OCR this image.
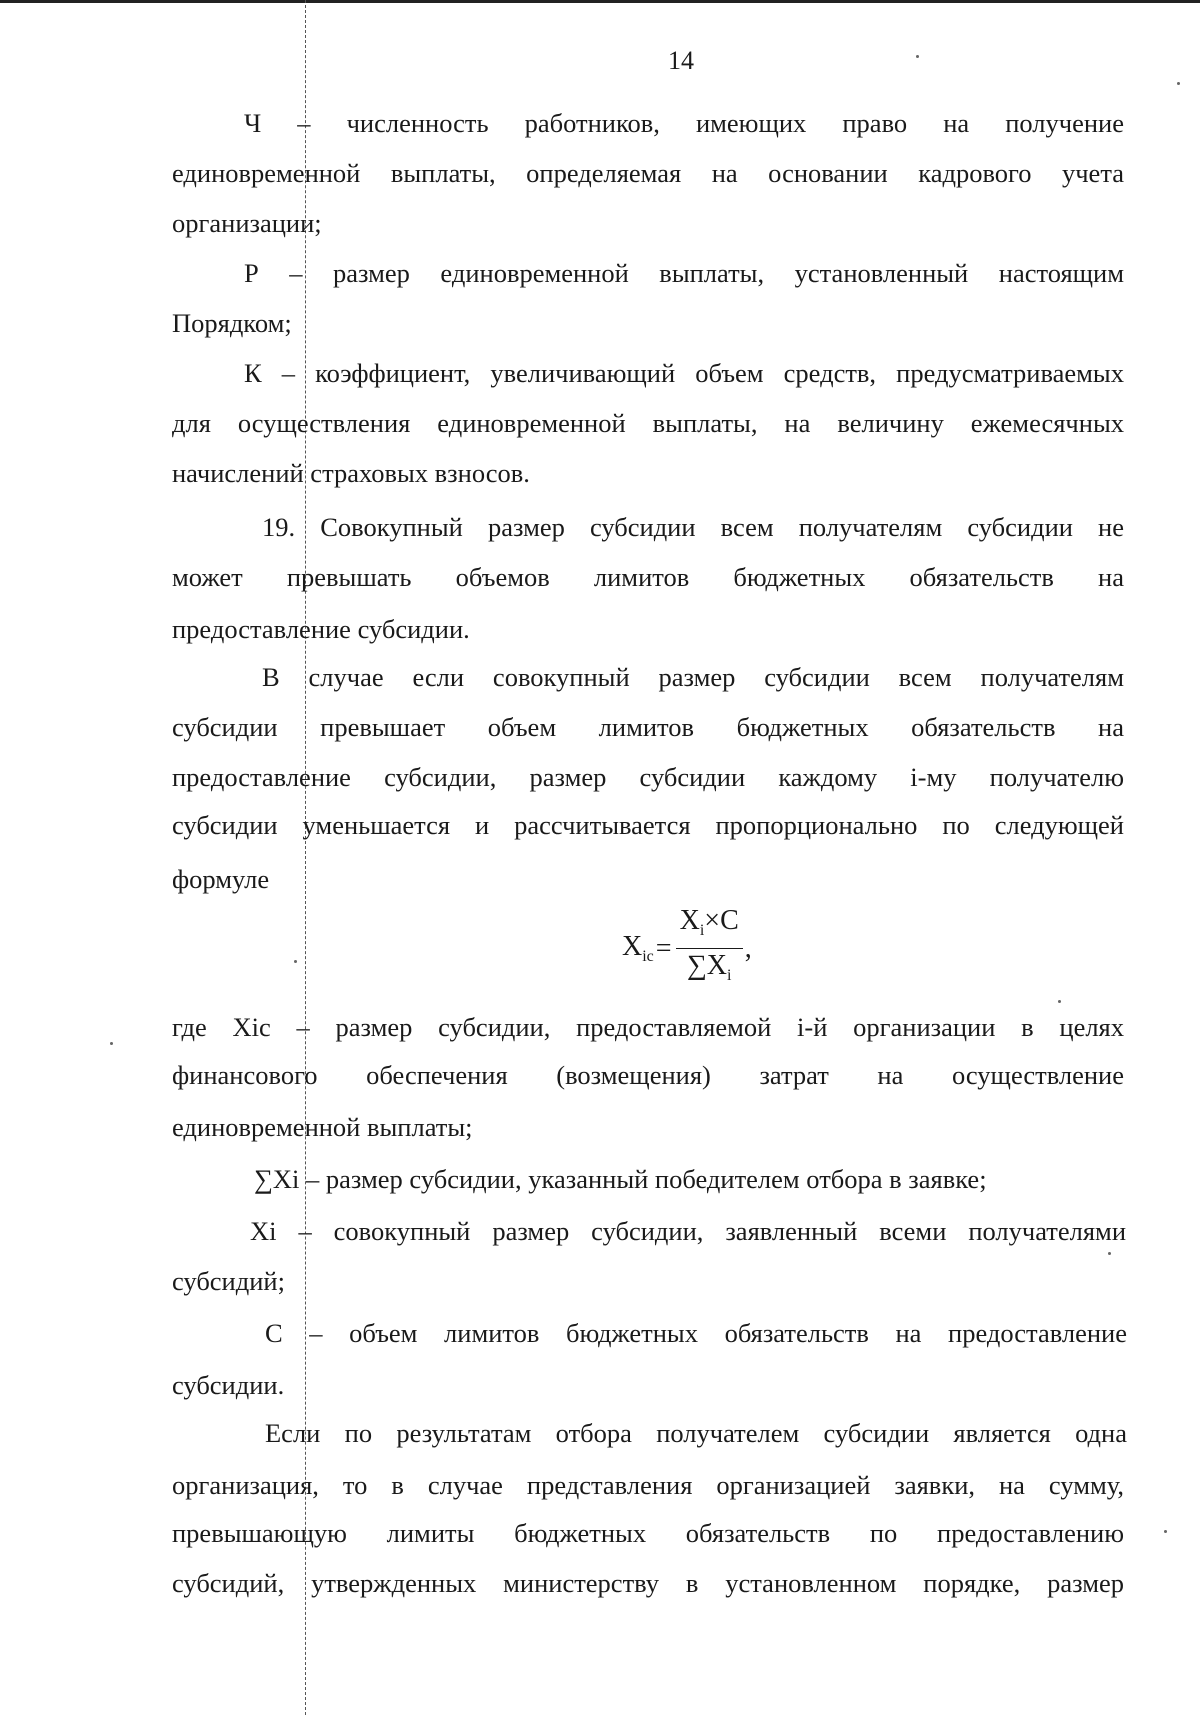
14
Ч – численность работников, имеющих право на получение
единовременной выплаты, определяемая на основании кадрового учета
организации;
Р – размер единовременной выплаты, установленный настоящим
Порядком;
К – коэффициент, увеличивающий объем средств, предусматриваемых
для осуществления единовременной выплаты, на величину ежемесячных
начислений страховых взносов.
19. Совокупный размер субсидии всем получателям субсидии не
может превышать объемов лимитов бюджетных обязательств на
предоставление субсидии.
В случае если совокупный размер субсидии всем получателям
субсидии превышает объем лимитов бюджетных обязательств на
предоставление субсидии, размер субсидии каждому i-му получателю
субсидии уменьшается и рассчитывается пропорционально по следующей
формуле
$X_{ic} = \frac{X_i\times C}{\sum X_i}$ ,
где Xic – размер субсидии, предоставляемой i-й организации в целях
финансового обеспечения (возмещения) затрат на осуществление
единовременной выплаты;
∑Xi – размер субсидии, указанный победителем отбора в заявке;
Xi – совокупный размер субсидии, заявленный всеми получателями
субсидий;
С – объем лимитов бюджетных обязательств на предоставление
субсидии.
Если по результатам отбора получателем субсидии является одна
организация, то в случае представления организацией заявки, на сумму,
превышающую лимиты бюджетных обязательств по предоставлению
субсидий, утвержденных министерству в установленном порядке, размер
